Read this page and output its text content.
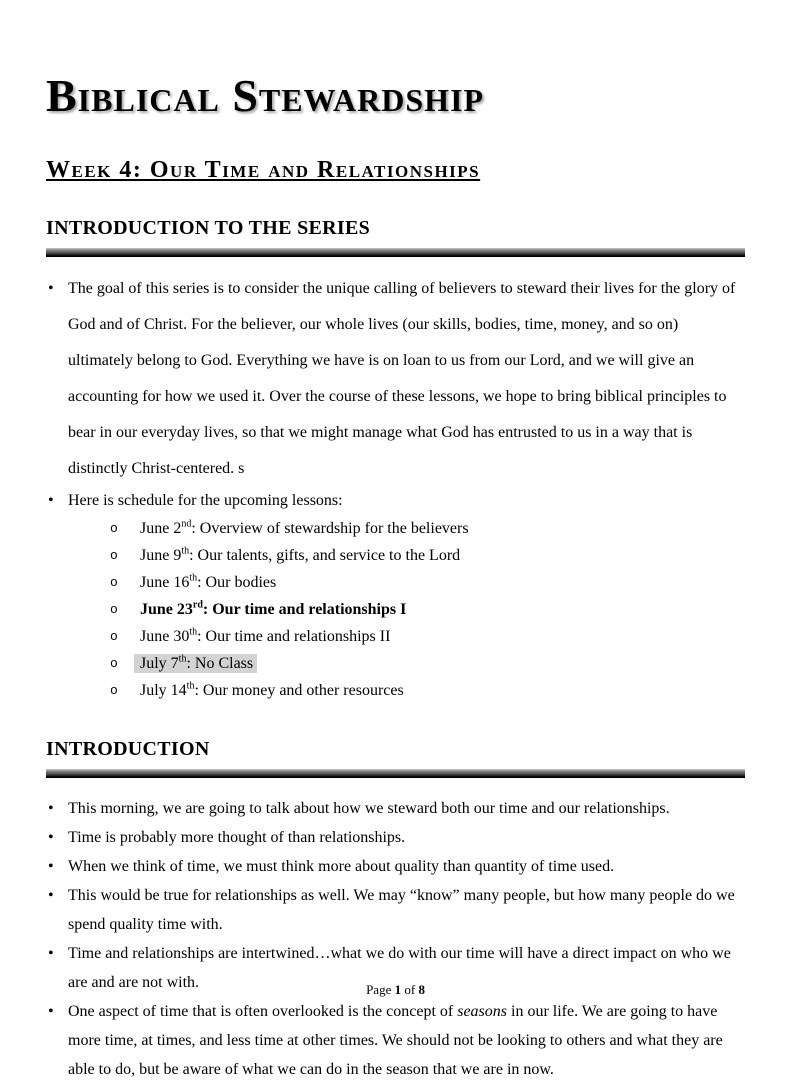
Biblical Stewardship
Week 4: Our Time and Relationships
INTRODUCTION TO THE SERIES
• The goal of this series is to consider the unique calling of believers to steward their lives for the glory of God and of Christ. For the believer, our whole lives (our skills, bodies, time, money, and so on) ultimately belong to God. Everything we have is on loan to us from our Lord, and we will give an accounting for how we used it. Over the course of these lessons, we hope to bring biblical principles to bear in our everyday lives, so that we might manage what God has entrusted to us in a way that is distinctly Christ-centered. s
• Here is schedule for the upcoming lessons:
o June 2nd: Overview of stewardship for the believers
o June 9th: Our talents, gifts, and service to the Lord
o June 16th: Our bodies
o June 23rd: Our time and relationships I
o June 30th: Our time and relationships II
o July 7th: No Class
o July 14th: Our money and other resources
INTRODUCTION
• This morning, we are going to talk about how we steward both our time and our relationships.
• Time is probably more thought of than relationships.
• When we think of time, we must think more about quality than quantity of time used.
• This would be true for relationships as well. We may “know” many people, but how many people do we spend quality time with.
• Time and relationships are intertwined…what we do with our time will have a direct impact on who we are and are not with.
• One aspect of time that is often overlooked is the concept of seasons in our life. We are going to have more time, at times, and less time at other times. We should not be looking to others and what they are able to do, but be aware of what we can do in the season that we are in now.
Page 1 of 8
